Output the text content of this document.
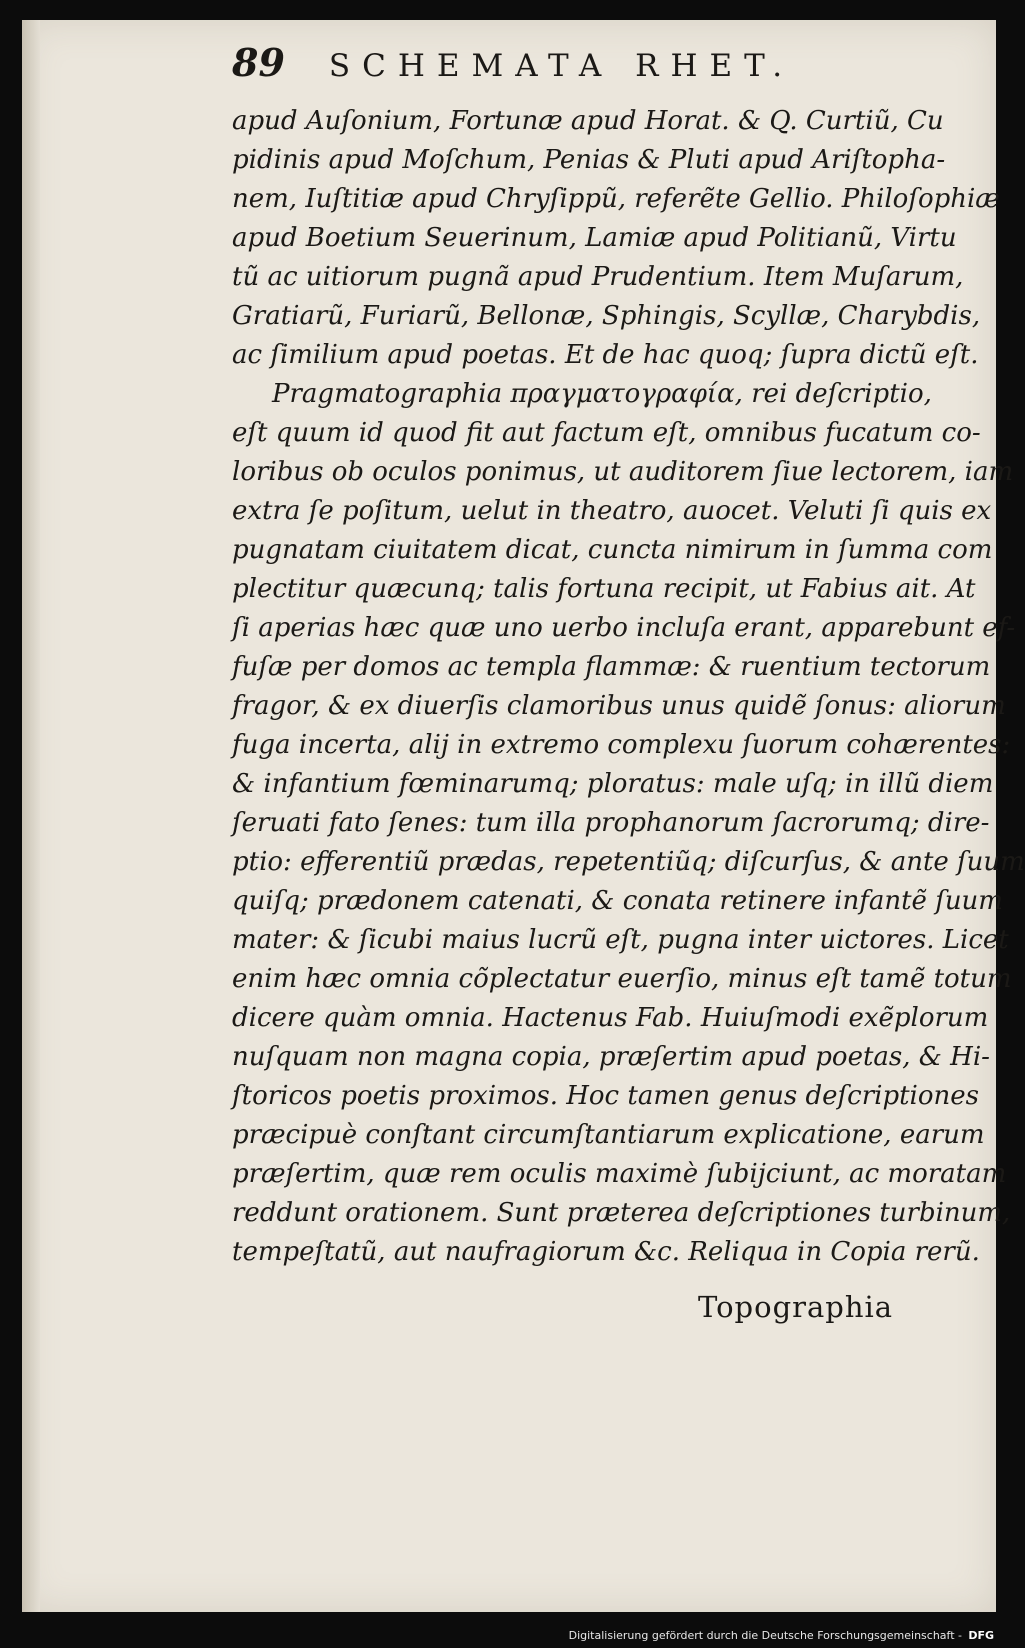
89 SCHEMATA RHET.
apud Auſonium, Fortunæ apud Horat. & Q. Curtiũ, Cu
pidinis apud Moſchum, Penias & Pluti apud Ariſtopha-
nem, Iuſtitiæ apud Chryſippũ, referẽte Gellio. Philoſophiæ
apud Boetium Seuerinum, Lamiæ apud Politianũ, Virtu
tũ ac uitiorum pugnã apud Prudentium. Item Muſarum,
Gratiarũ, Furiarũ, Bellonæ, Sphingis, Scyllæ, Charybdis,
ac ſimilium apud poetas. Et de hac quoq; ſupra dictũ eſt.
Pragmatographia πραγματογραφία, rei deſcriptio,
eſt quum id quod fit aut factum eſt, omnibus fucatum co-
loribus ob oculos ponimus, ut auditorem ſiue lectorem, iam
extra ſe poſitum, uelut in theatro, auocet. Veluti ſi quis ex
pugnatam ciuitatem dicat, cuncta nimirum in ſumma com
plectitur quæcunq; talis fortuna recipit, ut Fabius ait. At
ſi aperias hæc quæ uno uerbo incluſa erant, apparebunt ef-
fuſæ per domos ac templa flammæ: & ruentium tectorum
fragor, & ex diuerſis clamoribus unus quidẽ ſonus: aliorum
fuga incerta, alij in extremo complexu ſuorum cohærentes:
& infantium fœminarumq; ploratus: male uſq; in illũ diem
ſeruati fato ſenes: tum illa prophanorum ſacrorumq; dire-
ptio: efferentiũ prædas, repetentiũq; diſcurſus, & ante ſuum
quiſq; prædonem catenati, & conata retinere infantẽ ſuum
mater: & ſicubi maius lucrũ eſt, pugna inter uictores. Licet
enim hæc omnia cõplectatur euerſio, minus eſt tamẽ totum
dicere quàm omnia. Hactenus Fab. Huiuſmodi exẽplorum
nuſquam non magna copia, præſertim apud poetas, & Hi-
ſtoricos poetis proximos. Hoc tamen genus deſcriptiones
præcipuè conſtant circumſtantiarum explicatione, earum
præſertim, quæ rem oculis maximè ſubijciunt, ac moratam
reddunt orationem. Sunt præterea deſcriptiones turbinum,
tempeſtatũ, aut naufragiorum &c. Reliqua in Copia rerũ.
Topographia
Digitalisierung gefördert durch die Deutsche Forschungsgemeinschaft - DFG
